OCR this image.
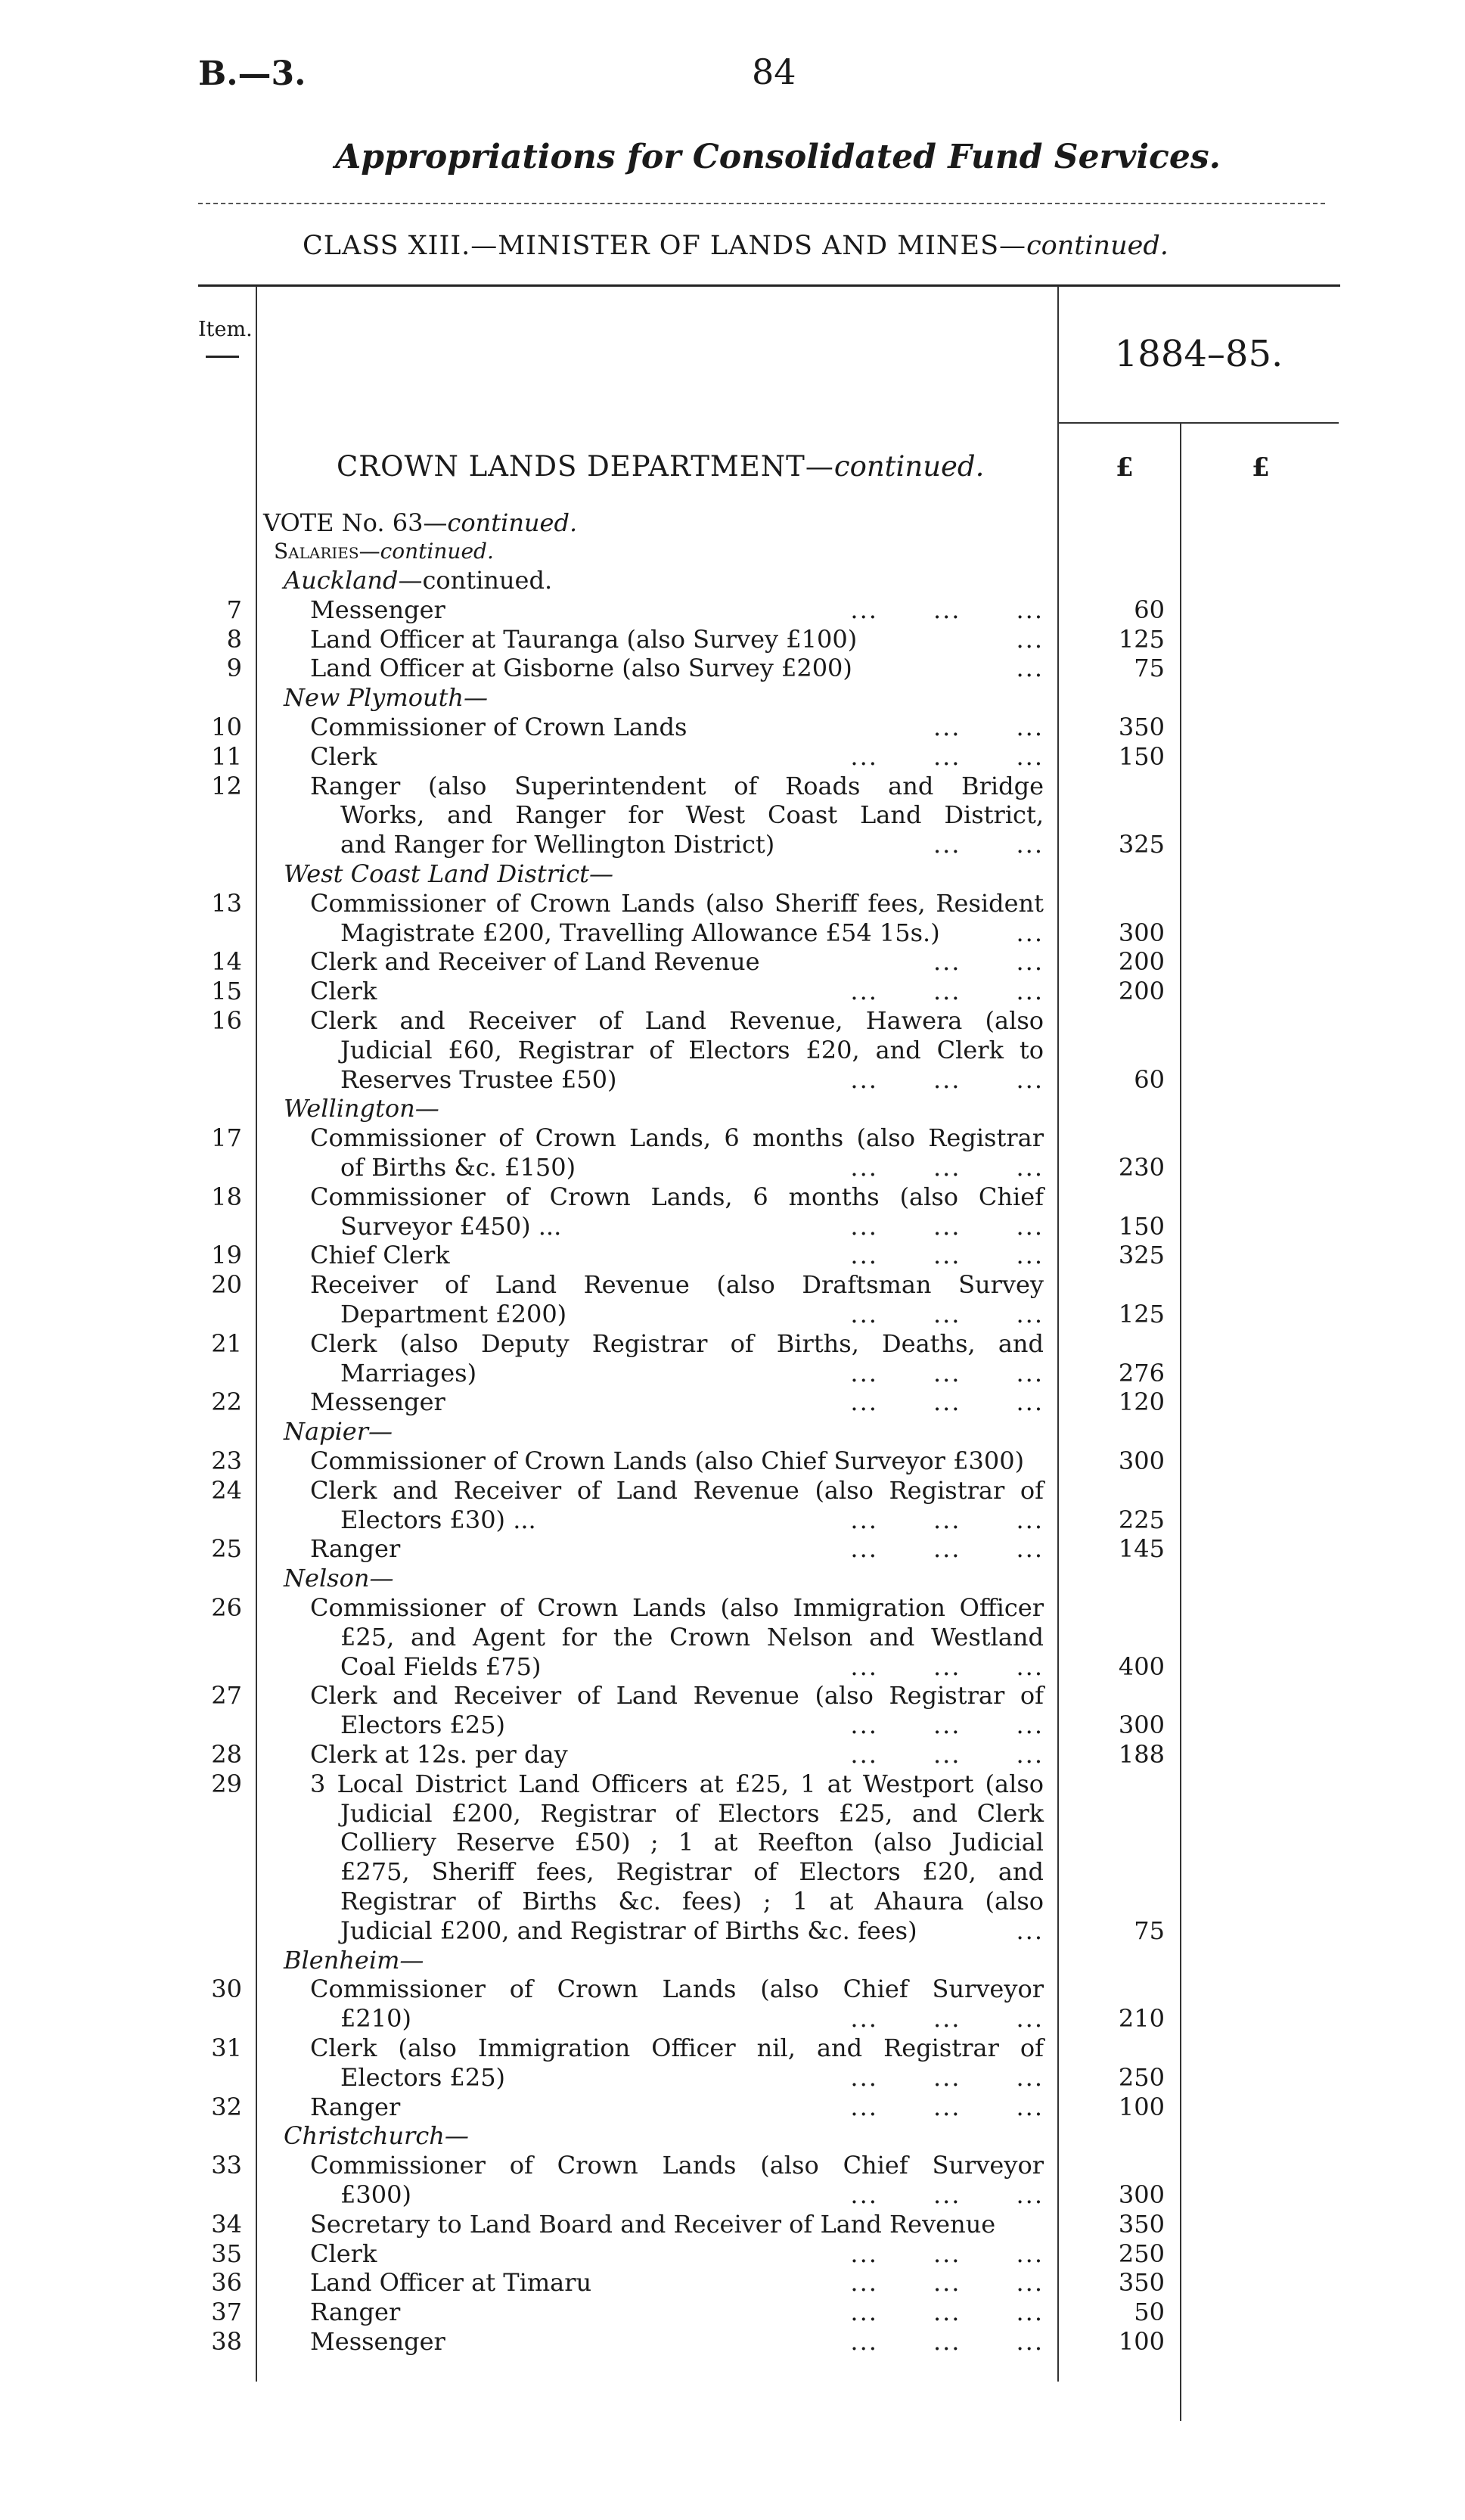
B.—3.	84
Appropriations for Consolidated Fund Services.
CLASS XIII.—MINISTER OF LANDS AND MINES—continued.
Item.
1884–85.
CROWN LANDS DEPARTMENT—continued.	£	£
VOTE No. 63—continued.
Salaries—continued.
Auckland—continued.
7	Messenger	...      ...      ...	60
8	Land Officer at Tauranga (also Survey £100)	...	125
9	Land Officer at Gisborne (also Survey £200)	...	75
New Plymouth—
10	Commissioner of Crown Lands	...      ...	350
11	Clerk	...      ...      ...	150
12	Ranger (also Superintendent of Roads and Bridge
Works, and Ranger for West Coast Land District,
and Ranger for Wellington District)	...      ...	325
West Coast Land District—
13	Commissioner of Crown Lands (also Sheriff fees, Resident
Magistrate £200, Travelling Allowance £54 15s.)	...	300
14	Clerk and Receiver of Land Revenue	...      ...	200
15	Clerk	...      ...      ...	200
16	Clerk and Receiver of Land Revenue, Hawera (also
Judicial £60, Registrar of Electors £20, and Clerk to
Reserves Trustee £50)	...      ...      ...	60
Wellington—
17	Commissioner of Crown Lands, 6 months (also Registrar
of Births &c. £150)	...      ...      ...	230
18	Commissioner of Crown Lands, 6 months (also Chief
Surveyor £450) ...	...      ...      ...	150
19	Chief Clerk	...      ...      ...	325
20	Receiver of Land Revenue (also Draftsman Survey
Department £200)	...      ...      ...	125
21	Clerk (also Deputy Registrar of Births, Deaths, and
Marriages)	...      ...      ...	276
22	Messenger	...      ...      ...	120
Napier—
23	Commissioner of Crown Lands (also Chief Surveyor £300)	300
24	Clerk and Receiver of Land Revenue (also Registrar of
Electors £30) ...	...      ...      ...	225
25	Ranger	...      ...      ...	145
Nelson—
26	Commissioner of Crown Lands (also Immigration Officer
£25, and Agent for the Crown Nelson and Westland
Coal Fields £75)	...      ...      ...	400
27	Clerk and Receiver of Land Revenue (also Registrar of
Electors £25)	...      ...      ...	300
28	Clerk at 12s. per day	...      ...      ...	188
29	3 Local District Land Officers at £25, 1 at Westport (also
Judicial £200, Registrar of Electors £25, and Clerk
Colliery Reserve £50) ; 1 at Reefton (also Judicial
£275, Sheriff fees, Registrar of Electors £20, and
Registrar of Births &c. fees) ; 1 at Ahaura (also
Judicial £200, and Registrar of Births &c. fees)	...	75
Blenheim—
30	Commissioner of Crown Lands (also Chief Surveyor
£210)	...      ...      ...	210
31	Clerk (also Immigration Officer nil, and Registrar of
Electors £25)	...      ...      ...	250
32	Ranger	...      ...      ...	100
Christchurch—
33	Commissioner of Crown Lands (also Chief Surveyor
£300)	...      ...      ...	300
34	Secretary to Land Board and Receiver of Land Revenue	350
35	Clerk	...      ...      ...	250
36	Land Officer at Timaru	...      ...      ...	350
37	Ranger	...      ...      ...	50
38	Messenger	...      ...      ...	100
